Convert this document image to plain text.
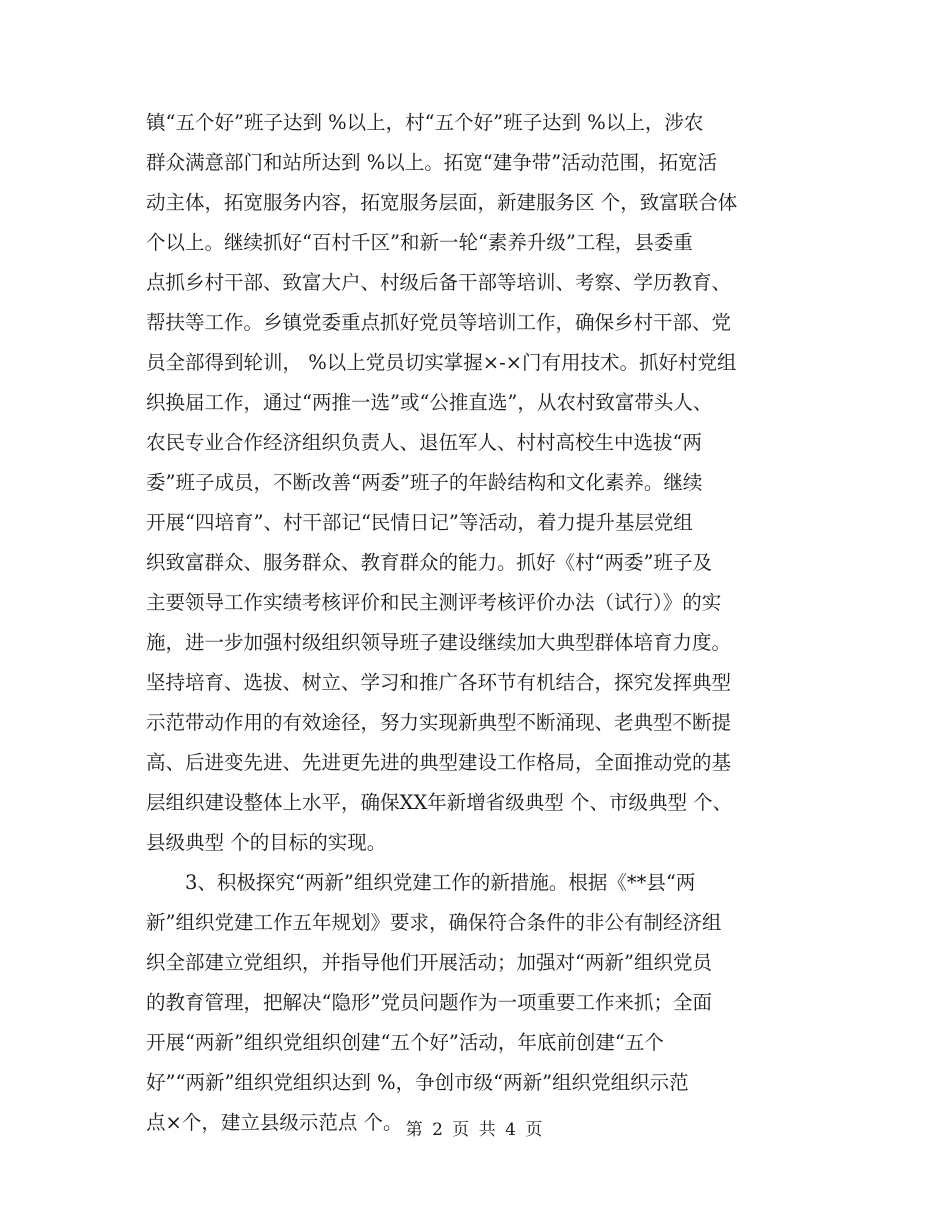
镇“五个好”班子达到 %以上，村“五个好”班子达到 %以上，涉农
群众满意部门和站所达到 %以上。拓宽“建争带”活动范围，拓宽活
动主体，拓宽服务内容，拓宽服务层面，新建服务区 个，致富联合体
个以上。继续抓好“百村千区”和新一轮“素养升级”工程，县委重
点抓乡村干部、致富大户、村级后备干部等培训、考察、学历教育、
帮扶等工作。乡镇党委重点抓好党员等培训工作，确保乡村干部、党
员全部得到轮训， %以上党员切实掌握×-×门有用技术。抓好村党组
织换届工作，通过“两推一选”或“公推直选”，从农村致富带头人、
农民专业合作经济组织负责人、退伍军人、村村高校生中选拔“两
委”班子成员，不断改善“两委”班子的年龄结构和文化素养。继续
开展“四培育”、村干部记“民情日记”等活动，着力提升基层党组
织致富群众、服务群众、教育群众的能力。抓好《村“两委”班子及
主要领导工作实绩考核评价和民主测评考核评价办法（试行）》的实
施，进一步加强村级组织领导班子建设继续加大典型群体培育力度。
坚持培育、选拔、树立、学习和推广各环节有机结合，探究发挥典型
示范带动作用的有效途径，努力实现新典型不断涌现、老典型不断提
高、后进变先进、先进更先进的典型建设工作格局，全面推动党的基
层组织建设整体上水平，确保XX年新增省级典型 个、市级典型 个、
县级典型 个的目标的实现。
　　3、积极探究“两新”组织党建工作的新措施。根据《**县“两
新”组织党建工作五年规划》要求，确保符合条件的非公有制经济组
织全部建立党组织，并指导他们开展活动；加强对“两新”组织党员
的教育管理，把解决“隐形”党员问题作为一项重要工作来抓；全面
开展“两新”组织党组织创建“五个好”活动，年底前创建“五个
好”“两新”组织党组织达到 %，争创市级“两新”组织党组织示范
点×个，建立县级示范点 个。 第 2 页 共 4 页
